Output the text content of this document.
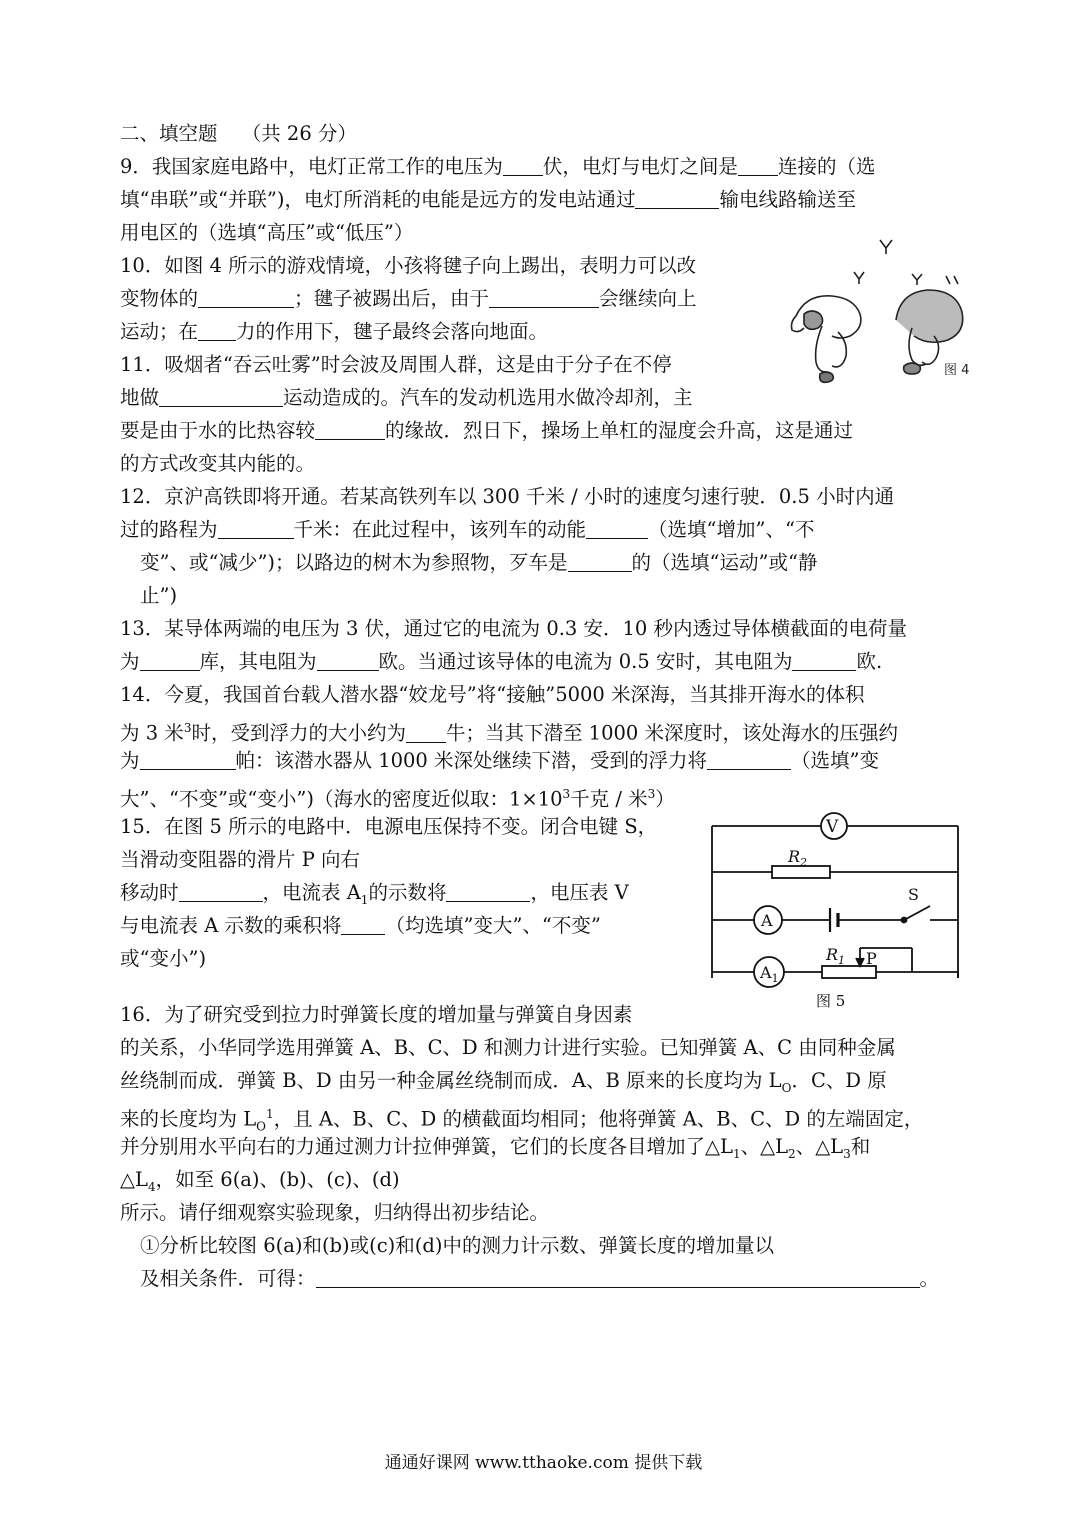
二、填空题 （共 26 分）
9．我国家庭电路中，电灯正常工作的电压为 伏，电灯与电灯之间是 连接的（选
填“串联”或“并联”)，电灯所消耗的电能是远方的发电站通过	输电线路输送至
用电区的（选填“高压”或“低压”）
10．如图 4 所示的游戏情境，小孩将毽子向上踢出，表明力可以改
变物体的	；毽子被踢出后，由于	会继续向上
运动；在 力的作用下，毽子最终会落向地面。
图 4
11．吸烟者“吞云吐雾”时会波及周围人群，这是由于分子在不停
地做	运动造成的。汽车的发动机选用水做冷却剂，主
要是由于水的比热容较	的缘故．烈日下，操场上单杠的湿度会升高，这是通过
的方式改变其内能的。
12．京沪高铁即将开通。若某高铁列车以 300 千米 / 小时的速度匀速行驶．0.5 小时内通
过的路程为	千米：在此过程中，该列车的动能	（选填“增加”、“不
变”、或“减少”)；以路边的树木为参照物，歹车是	的（选填“运动”或“静
止”)
13．某导体两端的电压为 3 伏，通过它的电流为 0.3 安．10 秒内透过导体横截面的电荷量
为	库，其电阻为	欧。当通过该导体的电流为 0.5 安时，其电阻为	欧.
14．今夏，我国首台载人潜水器“姣龙号”将“接触”5000 米深海，当其排开海水的体积
为 3 米$^3$时，受到浮力的大小约为 牛；当其下潜至 1000 米深度时，该处海水的压强约
为	帕：该潜水器从 1000 米深处继续下潜，受到的浮力将	（选填”变
大”、“不变”或“变小”)（海水的密度近似取：$1\times 10^3$千克 / 米$^3$）
15．在图 5 所示的电路中．电源电压保持不变。闭合电键 S，
当滑动变阻器的滑片 P 向右
移动时	，电流表 $A_1$的示数将	，电压表 V
与电流表 A 示数的乘积将 （均选填”变大”、“不变”
或“变小”)
V
$R_2$
A
S
$A_1$
$R_1$ P
图 5
16．为了研究受到拉力时弹簧长度的增加量与弹簧自身因素
的关系，小华同学选用弹簧 A、B、C、D 和测力计进行实验。已知弹簧 A、C 由同种金属
丝绕制而成．弹簧 B、D 由另一种金属丝绕制而成．A、B 原来的长度均为 $L_O$．C、D 原
来的长度均为 $L_O^1$，且 A、B、C、D 的横截面均相同；他将弹簧 A、B、C、D 的左端固定，
并分别用水平向右的力通过测力计拉伸弹簧，它们的长度各目增加了$\triangle L_1$、$\triangle L_2$、$\triangle L_3$和
$\triangle L_4$，如至 6(a)、(b)、(c)、(d)
所示。请仔细观察实验现象，归纳得出初步结论。
①分析比较图 6(a)和(b)或(c)和(d)中的测力计示数、弹簧长度的增加量以
及相关条件．可得：	。
通通好课网 www.tthaoke.com 提供下载
